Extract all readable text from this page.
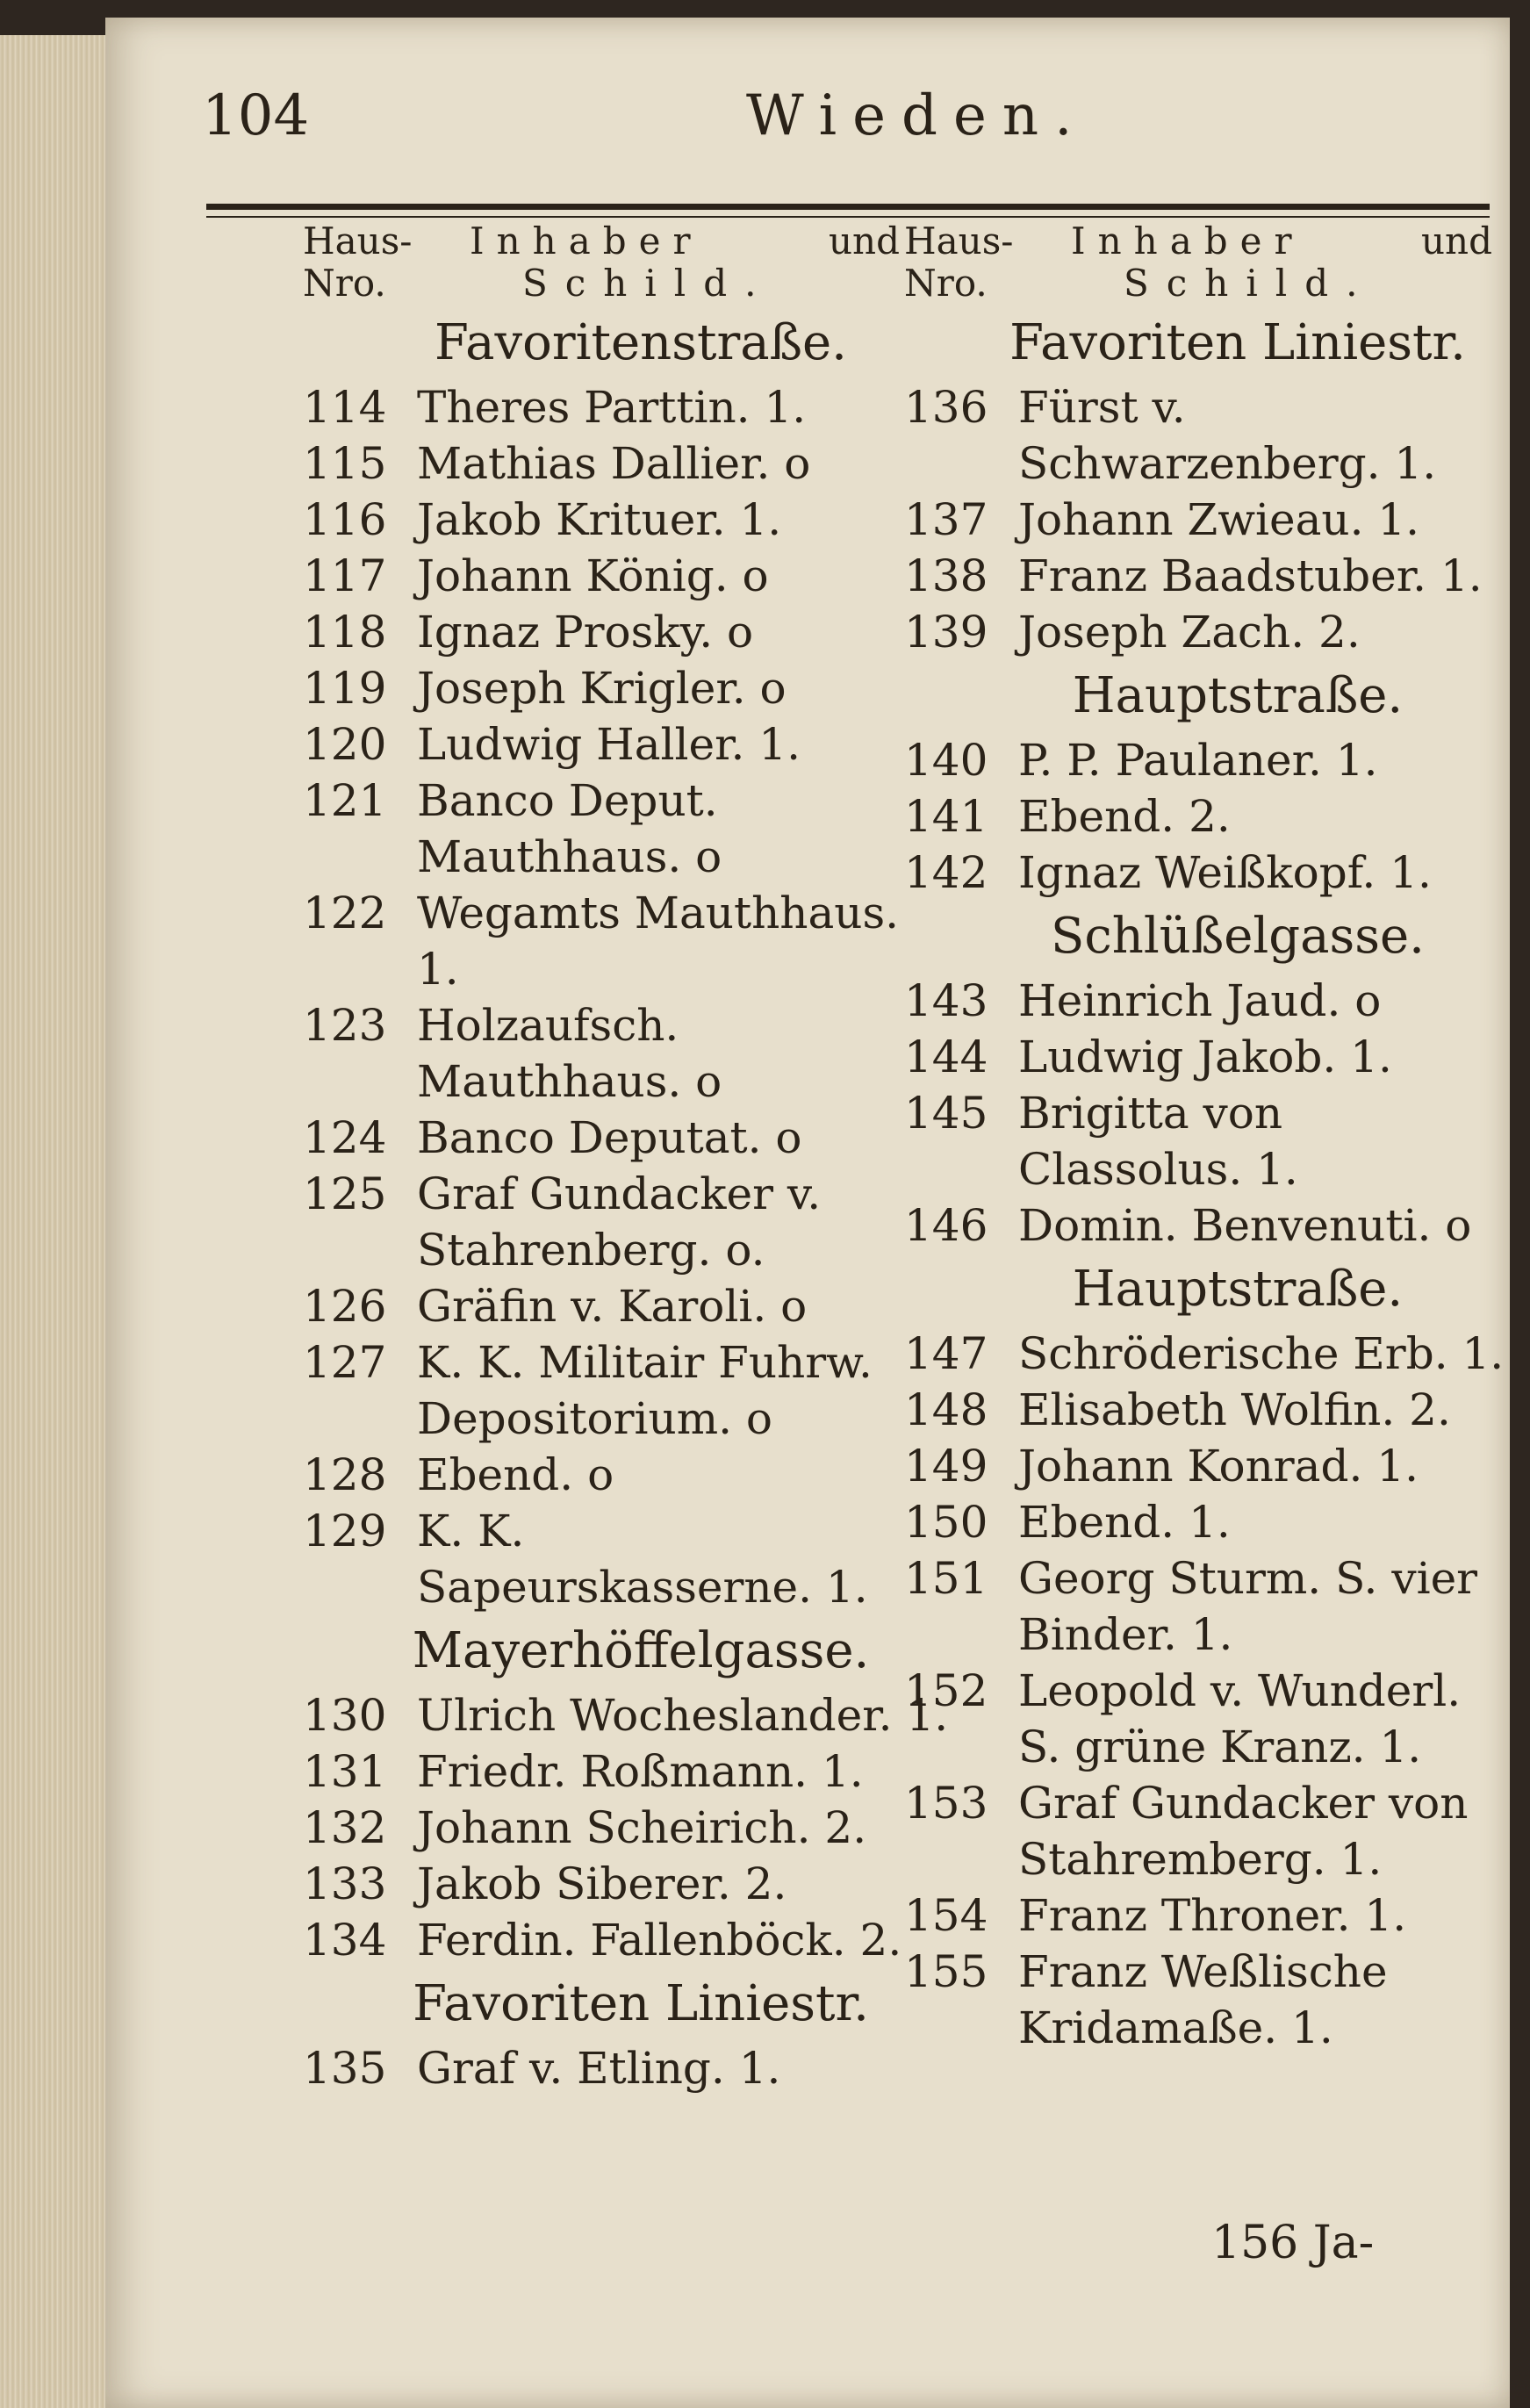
104	Wieden.
Haus-
Nro.
Inhaber	und
Schild.
Favoritenstraße.
114 Theres Parttin. 1.
115 Mathias Dallier. o
116 Jakob Krituer. 1.
117 Johann König. o
118 Ignaz Prosky. o
119 Joseph Krigler. o
120 Ludwig Haller. 1.
121 Banco Deput. Mauthhaus. o
122 Wegamts Mauthhaus. 1.
123 Holzaufsch. Mauthhaus. o
124 Banco Deputat. o
125 Graf Gundacker v. Stahrenberg. o.
126 Gräfin v. Karoli. o
127 K. K. Militair Fuhrw. Depositorium. o
128 Ebend. o
129 K. K. Sapeurskasserne. 1.
Mayerhöffelgasse.
130 Ulrich Wocheslander. 1.
131 Friedr. Roßmann. 1.
132 Johann Scheirich. 2.
133 Jakob Siberer. 2.
134 Ferdin. Fallenböck. 2.
Favoriten Liniestr.
135 Graf v. Etling. 1.
Haus-
Nro.
Inhaber	und
Schild.
Favoriten Liniestr.
136 Fürst v. Schwarzenberg. 1.
137 Johann Zwieau. 1.
138 Franz Baadstuber. 1.
139 Joseph Zach. 2.
Hauptstraße.
140 P. P. Paulaner. 1.
141 Ebend. 2.
142 Ignaz Weißkopf. 1.
Schlüßelgasse.
143 Heinrich Jaud. o
144 Ludwig Jakob. 1.
145 Brigitta von Classolus. 1.
146 Domin. Benvenuti. o
Hauptstraße.
147 Schröderische Erb. 1.
148 Elisabeth Wolfin. 2.
149 Johann Konrad. 1.
150 Ebend. 1.
151 Georg Sturm. S. vier Binder. 1.
152 Leopold v. Wunderl. S. grüne Kranz. 1.
153 Graf Gundacker von Stahremberg. 1.
154 Franz Throner. 1.
155 Franz Weßlische Kridamaße. 1.
156 Ja-
